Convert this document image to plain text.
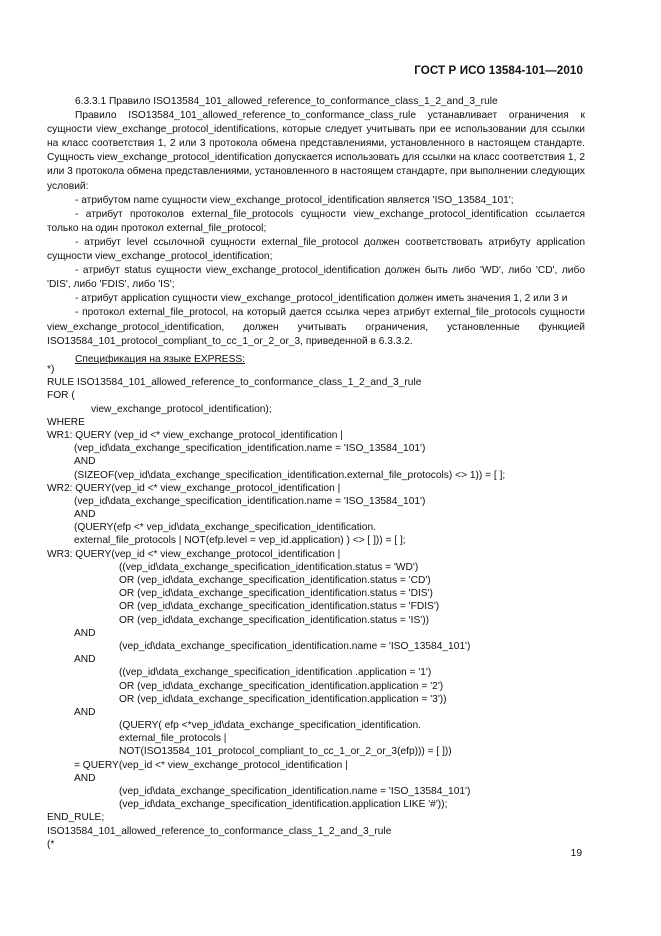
ГОСТ Р ИСО 13584-101—2010

6.3.3.1 Правило ISO13584_101_allowed_reference_to_conformance_class_1_2_and_3_rule

Правило ISO13584_101_allowed_reference_to_conformance_class_rule устанавливает ограничения к сущности view_exchange_protocol_identifications, которые следует учитывать при ее использовании для ссылки на класс соответствия 1, 2 или 3 протокола обмена представлениями, установленного в настоящем стандарте. Сущность view_exchange_protocol_identification допускается использовать для ссылки на класс соответствия 1, 2 или 3 протокола обмена представлениями, установленного в настоящем стандарте, при выполнении следующих условий:

- атрибутом name сущности view_exchange_protocol_identification является 'ISO_13584_101';

- атрибут протоколов external_file_protocols сущности view_exchange_protocol_identification ссылается только на один протокол external_file_protocol;

- атрибут level ссылочной сущности external_file_protocol должен соответствовать атрибуту application сущности view_exchange_protocol_identification;

- атрибут status сущности view_exchange_protocol_identification должен быть либо 'WD', либо 'CD', либо 'DIS', либо 'FDIS', либо 'IS';

- атрибут application сущности view_exchange_protocol_identification должен иметь значения 1, 2 или 3 и

- протокол external_file_protocol, на который дается ссылка через атрибут external_file_protocols сущности view_exchange_protocol_identification, должен учитывать ограничения, установленные функцией ISO13584_101_protocol_compliant_to_cc_1_or_2_or_3, приведенной в 6.3.3.2.

Спецификация на языке EXPRESS:

*)
RULE ISO13584_101_allowed_reference_to_conformance_class_1_2_and_3_rule
FOR (
view_exchange_protocol_identification);
WHERE
WR1: QUERY (vep_id <* view_exchange_protocol_identification |
(vep_id\data_exchange_specification_identification.name = 'ISO_13584_101')
AND
(SIZEOF(vep_id\data_exchange_specification_identification.external_file_protocols) <> 1)) = [ ];
WR2: QUERY(vep_id <* view_exchange_protocol_identification |
(vep_id\data_exchange_specification_identification.name = 'ISO_13584_101')
AND
(QUERY(efp <* vep_id\data_exchange_specification_identification.
external_file_protocols | NOT(efp.level = vep_id.application) ) <> [ ])) = [ ];
WR3: QUERY(vep_id <* view_exchange_protocol_identification |
((vep_id\data_exchange_specification_identification.status = 'WD')
OR (vep_id\data_exchange_specification_identification.status = 'CD')
OR (vep_id\data_exchange_specification_identification.status = 'DIS')
OR (vep_id\data_exchange_specification_identification.status = 'FDIS')
OR (vep_id\data_exchange_specification_identification.status = 'IS'))
AND
(vep_id\data_exchange_specification_identification.name = 'ISO_13584_101')
AND
((vep_id\data_exchange_specification_identification .application = '1')
OR (vep_id\data_exchange_specification_identification.application = '2')
OR (vep_id\data_exchange_specification_identification.application = '3'))
AND
(QUERY( efp <*vep_id\data_exchange_specification_identification.
external_file_protocols |
NOT(ISO13584_101_protocol_compliant_to_cc_1_or_2_or_3(efp))) = [ ]))
= QUERY(vep_id <* view_exchange_protocol_identification |
AND
(vep_id\data_exchange_specification_identification.name = 'ISO_13584_101')
(vep_id\data_exchange_specification_identification.application LIKE '#'));
END_RULE;
ISO13584_101_allowed_reference_to_conformance_class_1_2_and_3_rule
(*
19
